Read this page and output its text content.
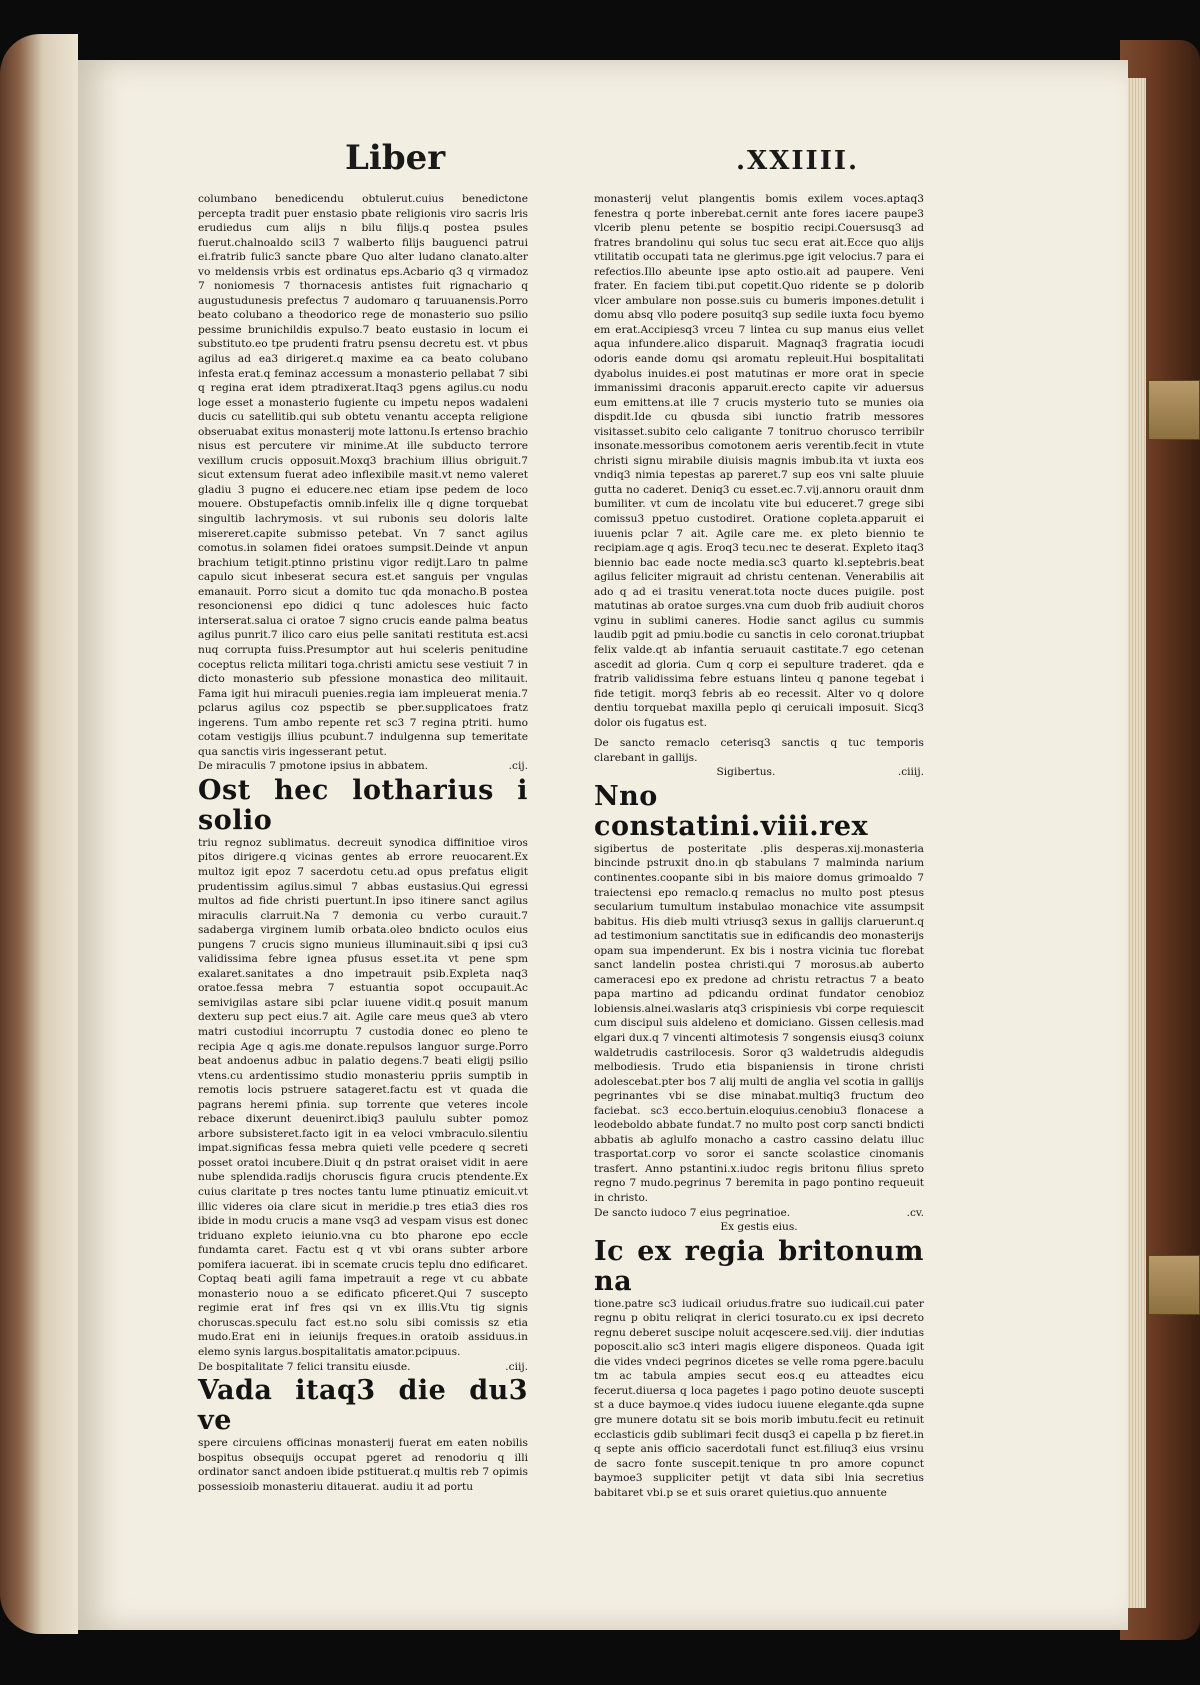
Liber	.XXIIII.

columbano benedicendu obtulerut.cuius benedictone percepta tradit puer enstasio pbate religionis viro sacris lris erudiedus cum alijs n bilu filijs.q postea psules fuerut.chalnoaldo scil3 7 walberto filijs bauguenci patrui ei.fratrib fulic3 sancte pbare Quo alter ludano clanato.alter vo meldensis vrbis est ordinatus eps.Acbario q3 q virmadoz 7 noniomesis 7 thornacesis antistes fuit rignachario q augustudunesis prefectus 7 audomaro q taruuanensis.Porro beato colubano a theodorico rege de monasterio suo psilio pessime brunichildis expulso.7 beato eustasio in locum ei substituto.eo tpe prudenti fratru psensu decretu est. vt pbus agilus ad ea3 dirigeret.q maxime ea ca beato colubano infesta erat.q feminaz accessum a monasterio pellabat 7 sibi q regina erat idem ptradixerat.Itaq3 pgens agilus.cu nodu loge esset a monasterio fugiente cu impetu nepos wadaleni ducis cu satellitib.qui sub obtetu venantu accepta religione obseruabat exitus monasterij mote lattonu.Is ertenso brachio nisus est percutere vir minime.At ille subducto terrore vexillum crucis opposuit.Moxq3 brachium illius obriguit.7 sicut extensum fuerat adeo inflexibile masit.vt nemo valeret gladiu 3 pugno ei educere.nec etiam ipse pedem de loco mouere. Obstupefactis omnib.infelix ille q digne torquebat singultib lachrymosis. vt sui rubonis seu doloris lalte misereret.capite submisso petebat. Vn 7 sanct agilus comotus.in solamen fidei oratoes sumpsit.Deinde vt anpun brachium tetigit.ptinno pristinu vigor redijt.Laro tn palme capulo sicut inbeserat secura est.et sanguis per vngulas emanauit. Porro sicut a domito tuc qda monacho.B postea resoncionensi epo didici q tunc adolesces huic facto interserat.salua ci oratoe 7 signo crucis eande palma beatus agilus punrit.7 ilico caro eius pelle sanitati restituta est.acsi nuq corrupta fuiss.Presumptor aut hui sceleris penitudine coceptus relicta militari toga.christi amictu sese vestiuit 7 in dicto monasterio sub pfessione monastica deo militauit. Fama igit hui miraculi puenies.regia iam impleuerat menia.7 pclarus agilus coz pspectib se pber.supplicatoes fratz ingerens. Tum ambo repente ret sc3 7 regina ptriti. humo cotam vestigijs illius pcubunt.7 indulgenna sup temeritate qua sanctis viris ingesserant petut.

De miraculis 7 pmotone ipsius in abbatem.	.cij.
Ost hec lotharius i solio

triu regnoz sublimatus. decreuit synodica diffinitioe viros pitos dirigere.q vicinas gentes ab errore reuocarent.Ex multoz igit epoz 7 sacerdotu cetu.ad opus prefatus eligit prudentissim agilus.simul 7 abbas eustasius.Qui egressi multos ad fide christi puertunt.In ipso itinere sanct agilus miraculis clarruit.Na 7 demonia cu verbo curauit.7 sadaberga virginem lumib orbata.oleo bndicto oculos eius pungens 7 crucis signo munieus illuminauit.sibi q ipsi cu3 validissima febre ignea pfusus esset.ita vt pene spm exalaret.sanitates a dno impetrauit psib.Expleta naq3 oratoe.fessa mebra 7 estuantia sopot occupauit.Ac semivigilas astare sibi pclar iuuene vidit.q posuit manum dexteru sup pect eius.7 ait. Agile care meus que3 ab vtero matri custodiui incorruptu 7 custodia donec eo pleno te recipia Age q agis.me donate.repulsos languor surge.Porro beat andoenus adbuc in palatio degens.7 beati eligij psilio vtens.cu ardentissimo studio monasteriu ppriis sumptib in remotis locis pstruere satageret.factu est vt quada die pagrans heremi pfinia. sup torrente que veteres incole rebace dixerunt deuenirct.ibiq3 paululu subter pomoz arbore subsisteret.facto igit in ea veloci vmbraculo.silentiu impat.significas fessa mebra quieti velle pcedere q secreti posset oratoi incubere.Diuit q dn pstrat oraiset vidit in aere nube splendida.radijs choruscis figura crucis ptendente.Ex cuius claritate p tres noctes tantu lume ptinuatiz emicuit.vt illic videres oia clare sicut in meridie.p tres etia3 dies ros ibide in modu crucis a mane vsq3 ad vespam visus est donec triduano expleto ieiunio.vna cu bto pharone epo eccle fundamta caret. Factu est q vt vbi orans subter arbore pomifera iacuerat. ibi in scemate crucis teplu dno edificaret. Coptaq beati agili fama impetrauit a rege vt cu abbate monasterio nouo a se edificato pficeret.Qui 7 suscepto regimie erat inf fres qsi vn ex illis.Vtu tig signis choruscas.speculu fact est.no solu sibi comissis sz etia mudo.Erat eni in ieiunijs freques.in oratoib assiduus.in elemo synis largus.bospitalitatis amator.pcipuus.

De bospitalitate 7 felici transitu eiusde.	.ciij.
Vada itaq3 die du3 ve

spere circuiens officinas monasterij fuerat em eaten nobilis bospitus obsequijs occupat pgeret ad renodoriu q illi ordinator sanct andoen ibide pstituerat.q multis reb 7 opimis possessioib monasteriu ditauerat. audiu it ad portu

monasterij velut plangentis bomis exilem voces.aptaq3 fenestra q porte inberebat.cernit ante fores iacere paupe3 vlcerib plenu petente se bospitio recipi.Couersusq3 ad fratres brandolinu qui solus tuc secu erat ait.Ecce quo alijs vtilitatib occupati tata ne glerimus.pge igit velocius.7 para ei refectios.Illo abeunte ipse apto ostio.ait ad paupere. Veni frater. En faciem tibi.put copetit.Quo ridente se p dolorib vlcer ambulare non posse.suis cu bumeris impones.detulit i domu absq vllo podere posuitq3 sup sedile iuxta focu byemo em erat.Accipiesq3 vrceu 7 lintea cu sup manus eius vellet aqua infundere.alico disparuit. Magnaq3 fragratia iocudi odoris eande domu qsi aromatu repleuit.Hui bospitalitati dyabolus inuides.ei post matutinas er more orat in specie immanissimi draconis apparuit.erecto capite vir aduersus eum emittens.at ille 7 crucis mysterio tuto se munies oia dispdit.Ide cu qbusda sibi iunctio fratrib messores visitasset.subito celo caligante 7 tonitruo chorusco terribilr insonate.messoribus comotonem aeris verentib.fecit in vtute christi signu mirabile diuisis magnis imbub.ita vt iuxta eos vndiq3 nimia tepestas ap pareret.7 sup eos vni salte pluuie gutta no caderet. Deniq3 cu esset.ec.7.vij.annoru orauit dnm bumiliter. vt cum de incolatu vite bui educeret.7 grege sibi comissu3 ppetuo custodiret. Oratione copleta.apparuit ei iuuenis pclar 7 ait. Agile care me. ex pleto biennio te recipiam.age q agis. Eroq3 tecu.nec te deserat. Expleto itaq3 biennio bac eade nocte media.sc3 quarto kl.septebris.beat agilus feliciter migrauit ad christu centenan. Venerabilis ait ado q ad ei trasitu venerat.tota nocte duces puigile. post matutinas ab oratoe surges.vna cum duob frib audiuit choros vginu in sublimi caneres. Hodie sanct agilus cu summis laudib pgit ad pmiu.bodie cu sanctis in celo coronat.triupbat felix valde.qt ab infantia seruauit castitate.7 ego cetenan ascedit ad gloria. Cum q corp ei sepulture traderet. qda e fratrib validissima febre estuans linteu q panone tegebat i fide tetigit. morq3 febris ab eo recessit. Alter vo q dolore dentiu torquebat maxilla peplo qi ceruicali imposuit. Sicq3 dolor ois fugatus est.

De sancto remaclo ceterisq3 sanctis q tuc temporis clarebant in gallijs.

Sigibertus.	.ciiij.
Nno constatini.viii.rex

sigibertus de posteritate .plis desperas.xij.monasteria bincinde pstruxit dno.in qb stabulans 7 malminda narium continentes.coopante sibi in bis maiore domus grimoaldo 7 traiectensi epo remaclo.q remaclus no multo post ptesus secularium tumultum instabulao monachice vite assumpsit babitus. His dieb multi vtriusq3 sexus in gallijs claruerunt.q ad testimonium sanctitatis sue in edificandis deo monasterijs opam sua impenderunt. Ex bis i nostra vicinia tuc florebat sanct landelin postea christi.qui 7 morosus.ab auberto cameracesi epo ex predone ad christu retractus 7 a beato papa martino ad pdicandu ordinat fundator cenobioz lobiensis.alnei.waslaris atq3 crispiniesis vbi corpe requiescit cum discipul suis aldeleno et domiciano. Gissen cellesis.mad elgari dux.q 7 vincenti altimotesis 7 songensis eiusq3 coiunx waldetrudis castrilocesis. Soror q3 waldetrudis aldegudis melbodiesis. Trudo etia bispaniensis in tirone christi adolescebat.pter bos 7 alij multi de anglia vel scotia in gallijs pegrinantes vbi se dise minabat.multiq3 fructum deo faciebat. sc3 ecco.bertuin.eloquius.cenobiu3 flonacese a leodeboldo abbate fundat.7 no multo post corp sancti bndicti abbatis ab aglulfo monacho a castro cassino delatu illuc trasportat.corp vo soror ei sancte scolastice cinomanis trasfert. Anno pstantini.x.iudoc regis britonu filius spreto regno 7 mudo.pegrinus 7 beremita in pago pontino requeuit in christo.

De sancto iudoco 7 eius pegrinatioe.	.cv.
Ex gestis eius.
Ic ex regia britonum na

tione.patre sc3 iudicail oriudus.fratre suo iudicail.cui pater regnu p obitu reliqrat in clerici tosurato.cu ex ipsi decreto regnu deberet suscipe noluit acqescere.sed.viij. dier indutias poposcit.alio sc3 interi magis eligere disponeos. Quada igit die vides vndeci pegrinos dicetes se velle roma pgere.baculu tm ac tabula ampies secut eos.q eu atteadtes eicu fecerut.diuersa q loca pagetes i pago potino deuote suscepti st a duce baymoe.q vides iudocu iuuene elegante.qda supne gre munere dotatu sit se bois morib imbutu.fecit eu retinuit ecclasticis gdib sublimari fecit dusq3 ei capella p bz fieret.in q septe anis officio sacerdotali funct est.filiuq3 eius vrsinu de sacro fonte suscepit.tenique tn pro amore copunct baymoe3 suppliciter petijt vt data sibi lnia secretius babitaret vbi.p se et suis oraret quietius.quo annuente
